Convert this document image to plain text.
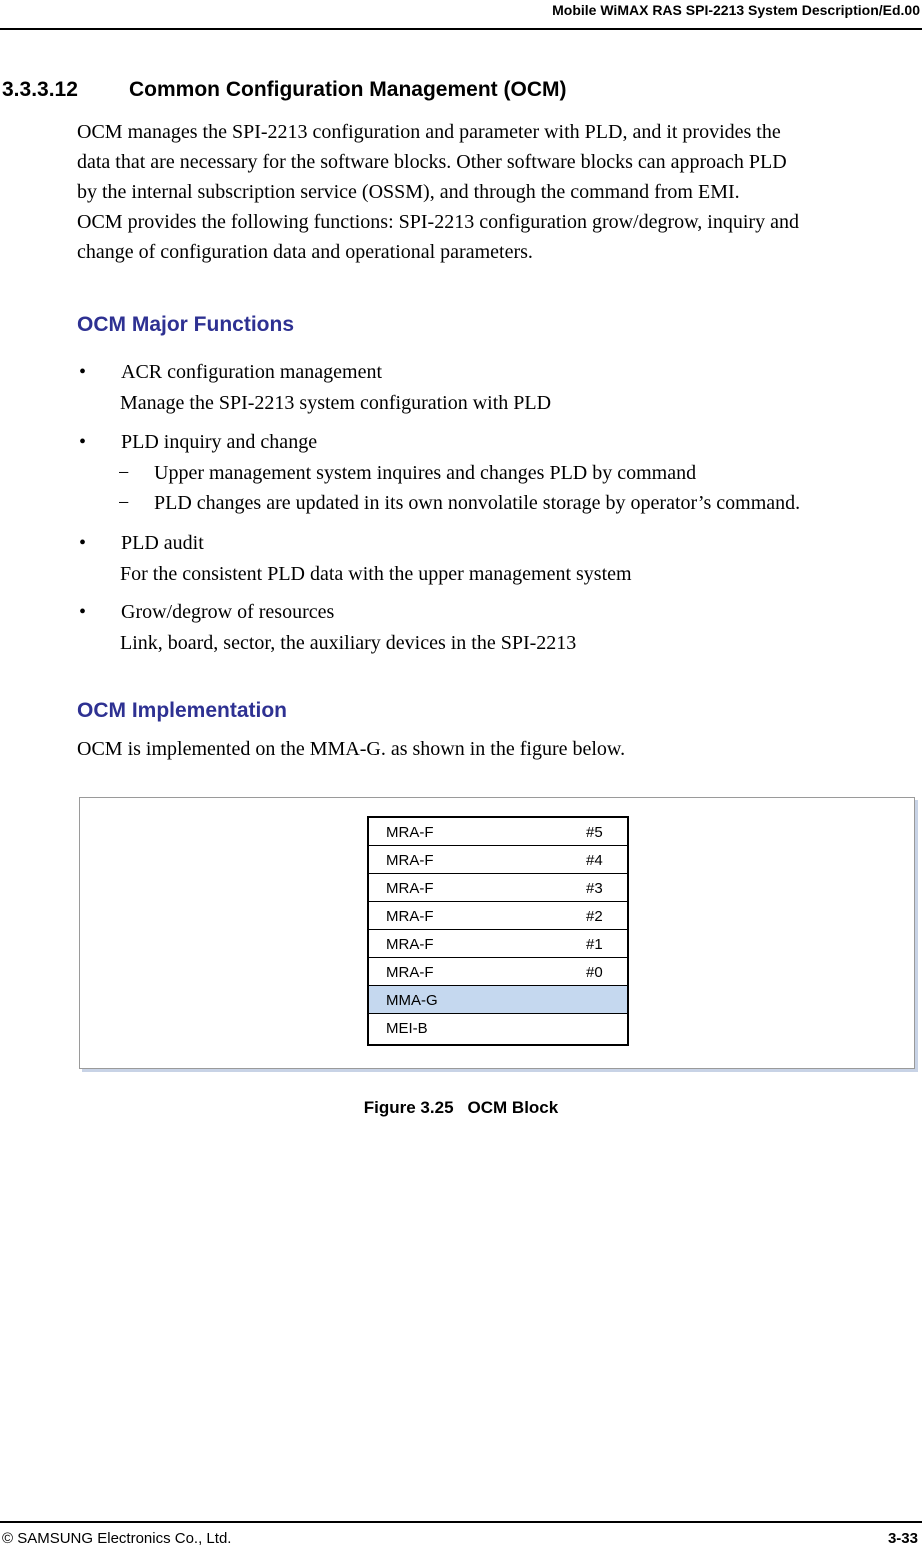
Mobile WiMAX RAS SPI-2213 System Description/Ed.00
3.3.3.12 Common Configuration Management (OCM)
OCM manages the SPI-2213 configuration and parameter with PLD, and it provides the
data that are necessary for the software blocks. Other software blocks can approach PLD
by the internal subscription service (OSSM), and through the command from EMI.
OCM provides the following functions: SPI-2213 configuration grow/degrow, inquiry and
change of configuration data and operational parameters.
OCM Major Functions
• ACR configuration management
Manage the SPI-2213 system configuration with PLD
• PLD inquiry and change
− Upper management system inquires and changes PLD by command
− PLD changes are updated in its own nonvolatile storage by operator’s command.
• PLD audit
For the consistent PLD data with the upper management system
• Grow/degrow of resources
Link, board, sector, the auxiliary devices in the SPI-2213
OCM Implementation
OCM is implemented on the MMA-G. as shown in the figure below.
MRA-F	#5
MRA-F	#4
MRA-F	#3
MRA-F	#2
MRA-F	#1
MRA-F	#0
MMA-G
MEI-B
Figure 3.25 OCM Block
© SAMSUNG Electronics Co., Ltd.	3-33
